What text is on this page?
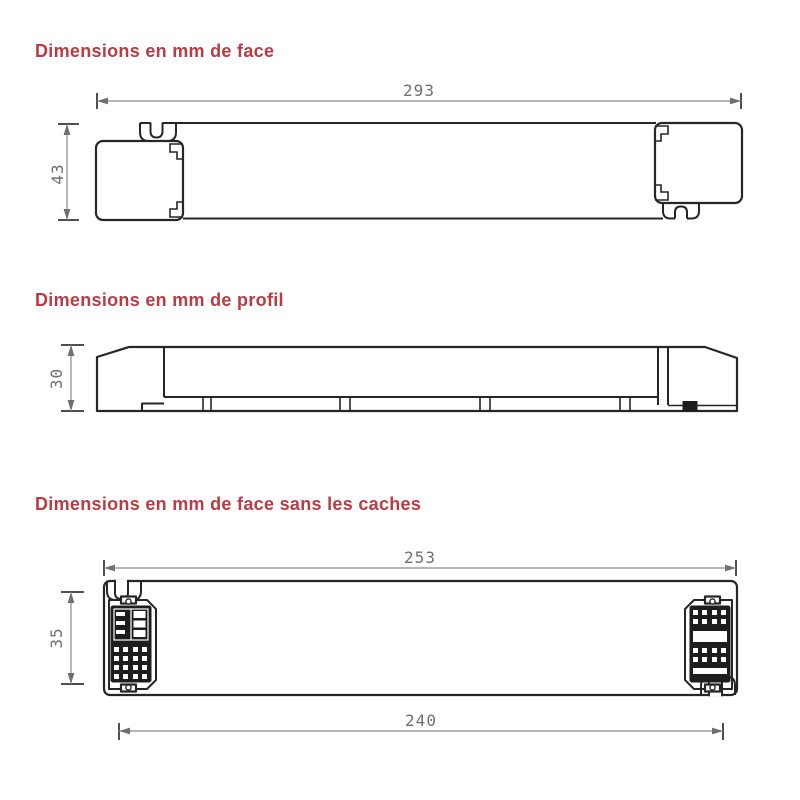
Dimensions en mm de face
Dimensions en mm de profil
Dimensions en mm de face sans les caches
293
43
30
253
35
240
